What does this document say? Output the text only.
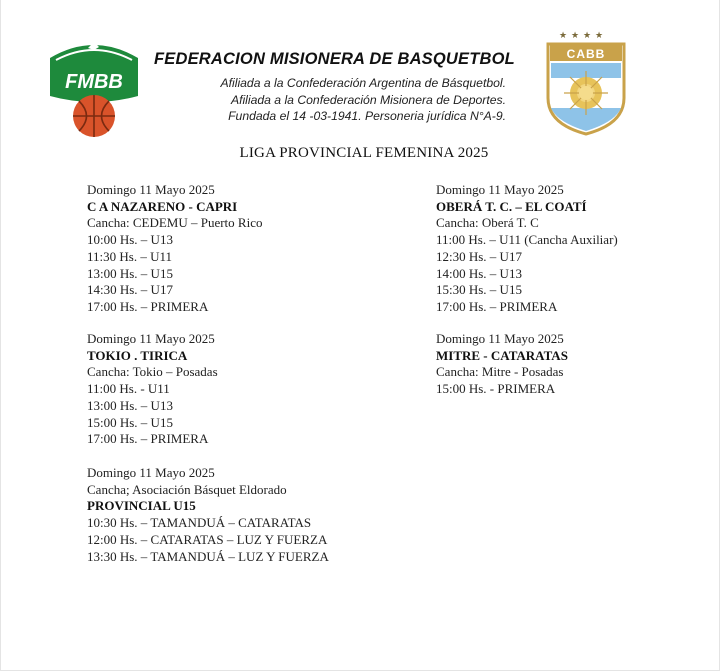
FMBB
★ ★ ★ ★
CABB
FEDERACION MISIONERA DE BASQUETBOL
Afiliada a la Confederación Argentina de Básquetbol.
Afiliada a la Confederación Misionera de Deportes.
Fundada el 14 -03-1941. Personeria jurídica N°A-9.
LIGA PROVINCIAL FEMENINA 2025
Domingo 11 Mayo 2025
C A NAZARENO - CAPRI
Cancha: CEDEMU – Puerto Rico
10:00 Hs. – U13
11:30 Hs. – U11
13:00 Hs. – U15
14:30 Hs. – U17
17:00 Hs. – PRIMERA
Domingo 11 Mayo 2025
OBERÁ T. C. – EL COATÍ
Cancha: Oberá T. C
11:00 Hs. – U11 (Cancha Auxiliar)
12:30 Hs. – U17
14:00 Hs. – U13
15:30 Hs. – U15
17:00 Hs. – PRIMERA
Domingo 11 Mayo 2025
TOKIO . TIRICA
Cancha: Tokio – Posadas
11:00 Hs. - U11
13:00 Hs. – U13
15:00 Hs. – U15
17:00 Hs. – PRIMERA
Domingo 11 Mayo 2025
MITRE - CATARATAS
Cancha: Mitre - Posadas
15:00 Hs. - PRIMERA
Domingo 11 Mayo 2025
Cancha; Asociación Básquet Eldorado
PROVINCIAL U15
10:30 Hs. – TAMANDUÁ – CATARATAS
12:00 Hs. – CATARATAS – LUZ Y FUERZA
13:30 Hs. – TAMANDUÁ – LUZ Y FUERZA
